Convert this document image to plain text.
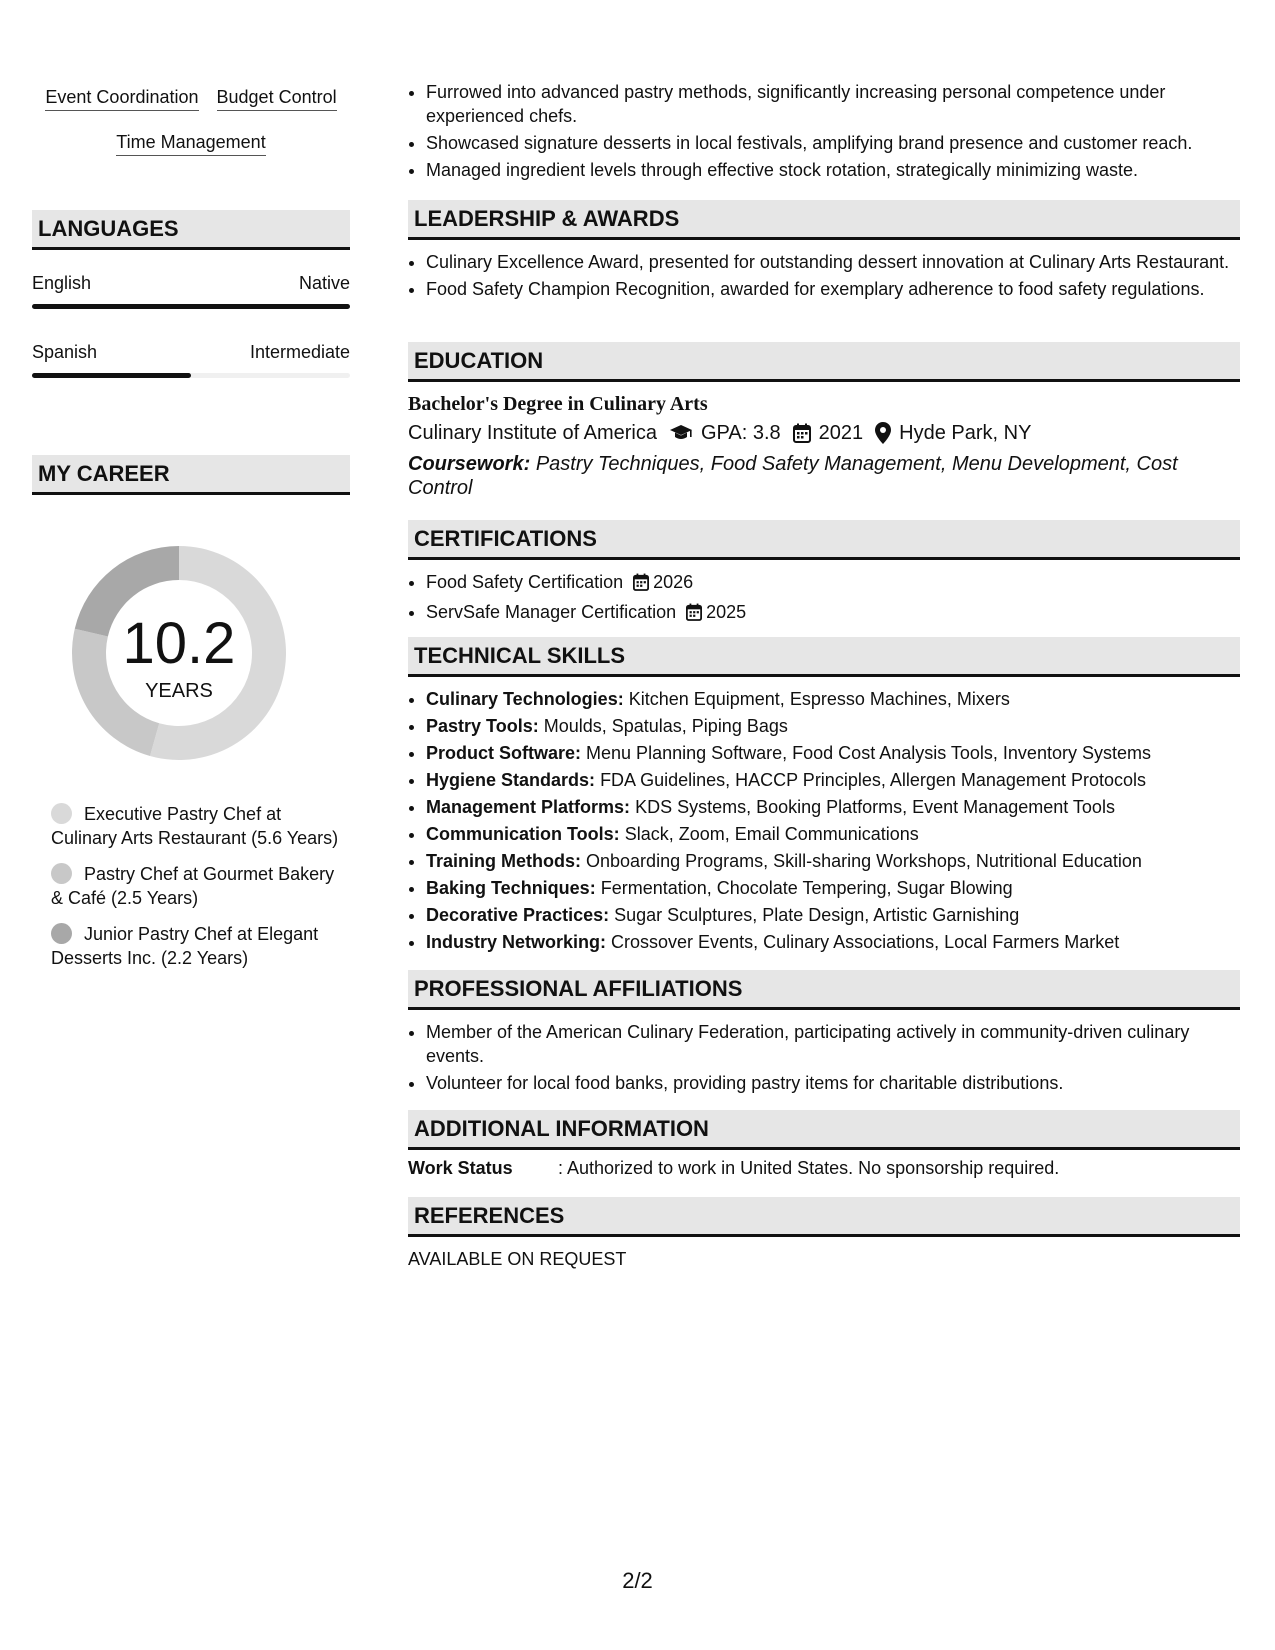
Event Coordination Budget Control
Time Management
LANGUAGES
English	Native
Spanish	Intermediate
MY CAREER
10.2
YEARS
Executive Pastry Chef at Culinary Arts Restaurant (5.6 Years)
Pastry Chef at Gourmet Bakery & Café (2.5 Years)
Junior Pastry Chef at Elegant Desserts Inc. (2.2 Years)
• Furrowed into advanced pastry methods, significantly increasing personal competence under experienced chefs.
• Showcased signature desserts in local festivals, amplifying brand presence and customer reach.
• Managed ingredient levels through effective stock rotation, strategically minimizing waste.
LEADERSHIP & AWARDS
• Culinary Excellence Award, presented for outstanding dessert innovation at Culinary Arts Restaurant.
• Food Safety Champion Recognition, awarded for exemplary adherence to food safety regulations.
EDUCATION
Bachelor's Degree in Culinary Arts
Culinary Institute of America GPA: 3.8 2021 Hyde Park, NY
Coursework: Pastry Techniques, Food Safety Management, Menu Development, Cost Control
CERTIFICATIONS
• Food Safety Certification 2026
• ServSafe Manager Certification 2025
TECHNICAL SKILLS
• Culinary Technologies: Kitchen Equipment, Espresso Machines, Mixers
• Pastry Tools: Moulds, Spatulas, Piping Bags
• Product Software: Menu Planning Software, Food Cost Analysis Tools, Inventory Systems
• Hygiene Standards: FDA Guidelines, HACCP Principles, Allergen Management Protocols
• Management Platforms: KDS Systems, Booking Platforms, Event Management Tools
• Communication Tools: Slack, Zoom, Email Communications
• Training Methods: Onboarding Programs, Skill-sharing Workshops, Nutritional Education
• Baking Techniques: Fermentation, Chocolate Tempering, Sugar Blowing
• Decorative Practices: Sugar Sculptures, Plate Design, Artistic Garnishing
• Industry Networking: Crossover Events, Culinary Associations, Local Farmers Market
PROFESSIONAL AFFILIATIONS
• Member of the American Culinary Federation, participating actively in community-driven culinary events.
• Volunteer for local food banks, providing pastry items for charitable distributions.
ADDITIONAL INFORMATION
Work Status	: Authorized to work in United States. No sponsorship required.
REFERENCES
AVAILABLE ON REQUEST
2/2
